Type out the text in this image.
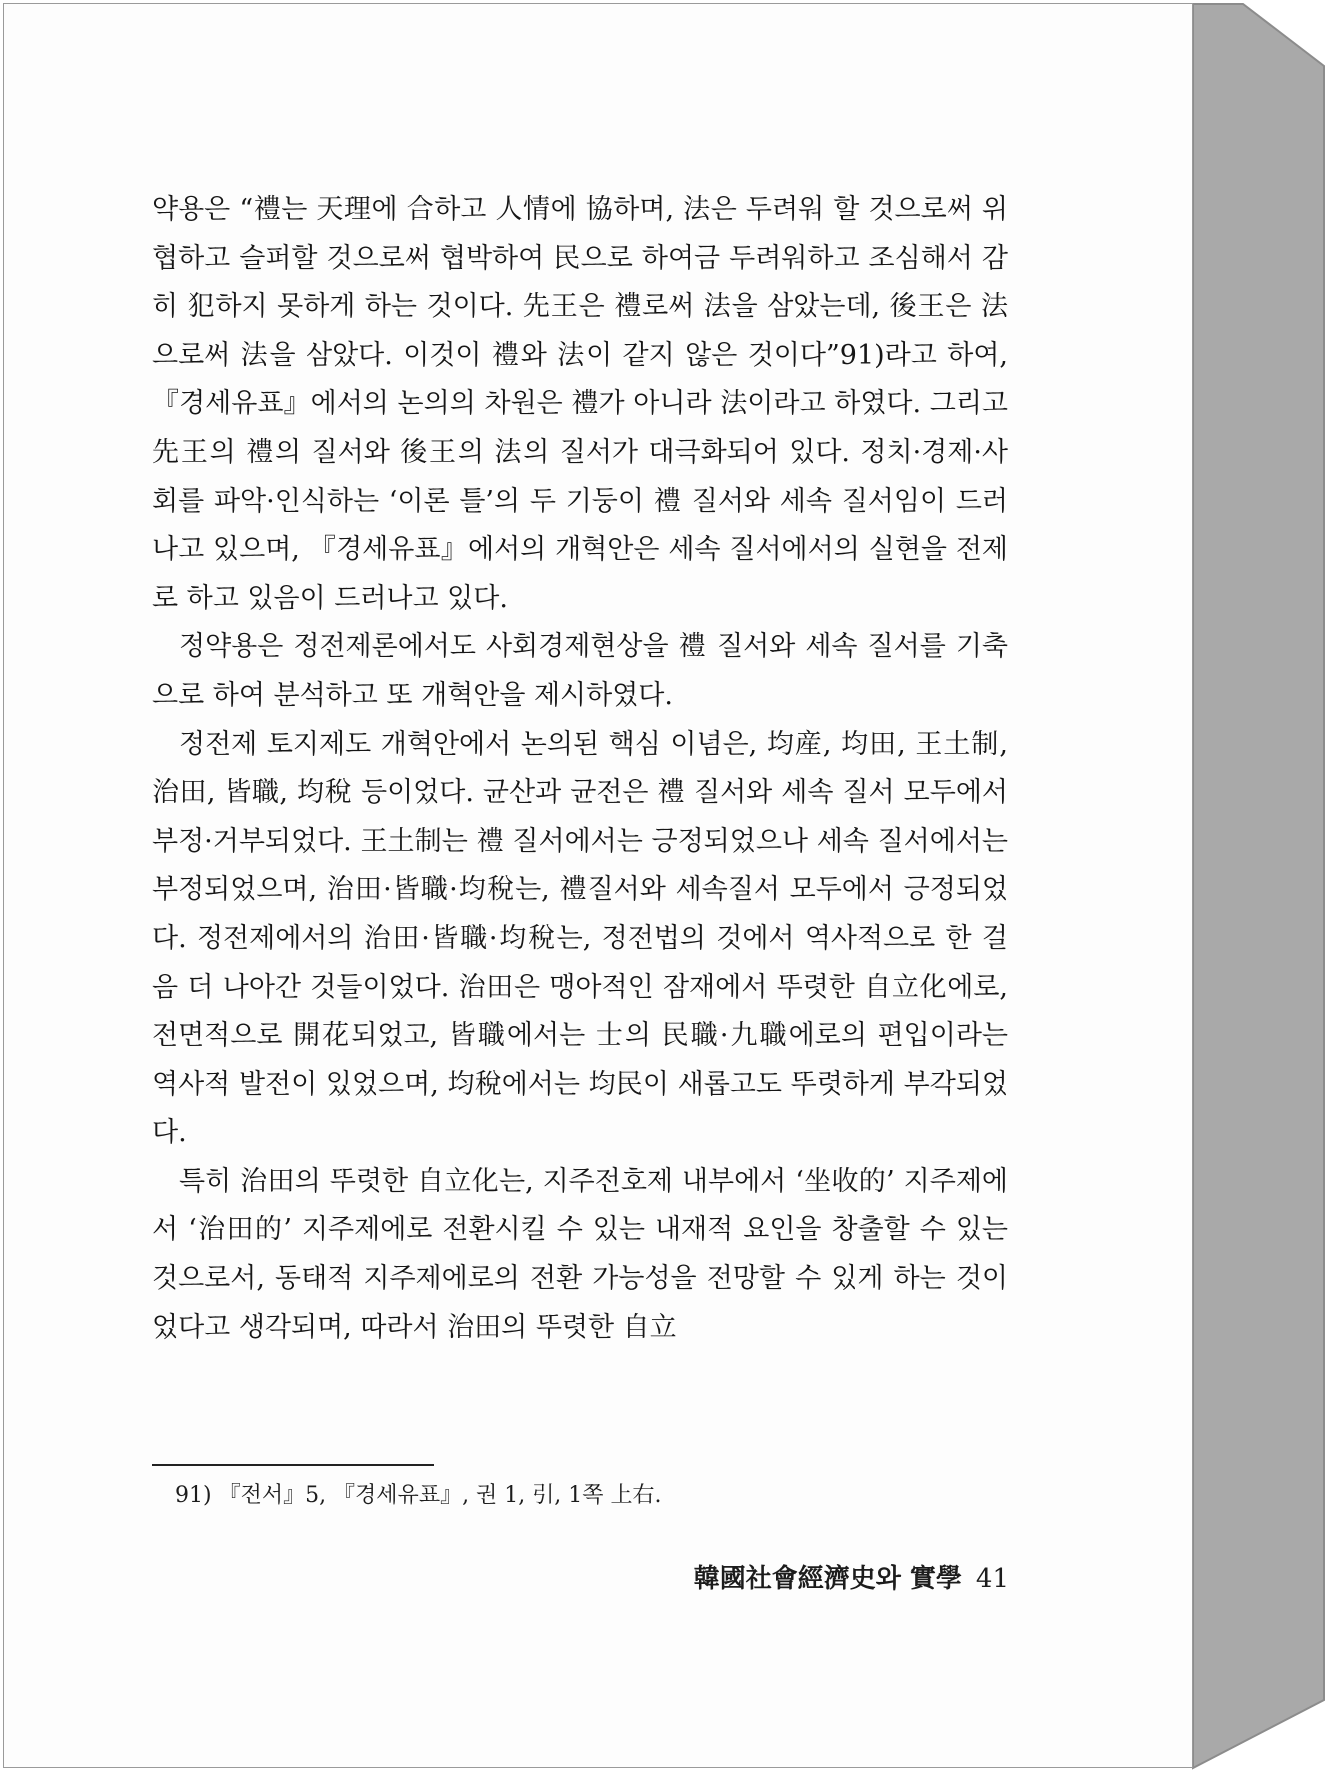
약용은 “禮는 天理에 合하고 人情에 協하며, 法은 두려워 할 것으로써 위협하고 슬퍼할 것으로써 협박하여 民으로 하여금 두려워하고 조심해서 감히 犯하지 못하게 하는 것이다. 先王은 禮로써 法을 삼았는데, 後王은 法으로써 法을 삼았다. 이것이 禮와 法이 같지 않은 것이다”91)라고 하여, 『경세유표』에서의 논의의 차원은 禮가 아니라 法이라고 하였다. 그리고 先王의 禮의 질서와 後王의 法의 질서가 대극화되어 있다. 정치·경제·사회를 파악·인식하는 ‘이론 틀’의 두 기둥이 禮 질서와 세속 질서임이 드러나고 있으며, 『경세유표』에서의 개혁안은 세속 질서에서의 실현을 전제로 하고 있음이 드러나고 있다.

정약용은 정전제론에서도 사회경제현상을 禮 질서와 세속 질서를 기축으로 하여 분석하고 또 개혁안을 제시하였다.

정전제 토지제도 개혁안에서 논의된 핵심 이념은, 均産, 均田, 王土制, 治田, 皆職, 均稅 등이었다. 균산과 균전은 禮 질서와 세속 질서 모두에서 부정·거부되었다. 王土制는 禮 질서에서는 긍정되었으나 세속 질서에서는 부정되었으며, 治田·皆職·均稅는, 禮질서와 세속질서 모두에서 긍정되었다. 정전제에서의 治田·皆職·均稅는, 정전법의 것에서 역사적으로 한 걸음 더 나아간 것들이었다. 治田은 맹아적인 잠재에서 뚜렷한 自立化에로, 전면적으로 開花되었고, 皆職에서는 士의 民職·九職에로의 편입이라는 역사적 발전이 있었으며, 均稅에서는 均民이 새롭고도 뚜렷하게 부각되었다.

특히 治田의 뚜렷한 自立化는, 지주전호제 내부에서 ‘坐收的’ 지주제에서 ‘治田的’ 지주제에로 전환시킬 수 있는 내재적 요인을 창출할 수 있는 것으로서, 동태적 지주제에로의 전환 가능성을 전망할 수 있게 하는 것이었다고 생각되며, 따라서 治田의 뚜렷한 自立

91) 『전서』5, 『경세유표』, 권 1, 引, 1쪽 上右.
韓國社會經濟史와 實學 41
